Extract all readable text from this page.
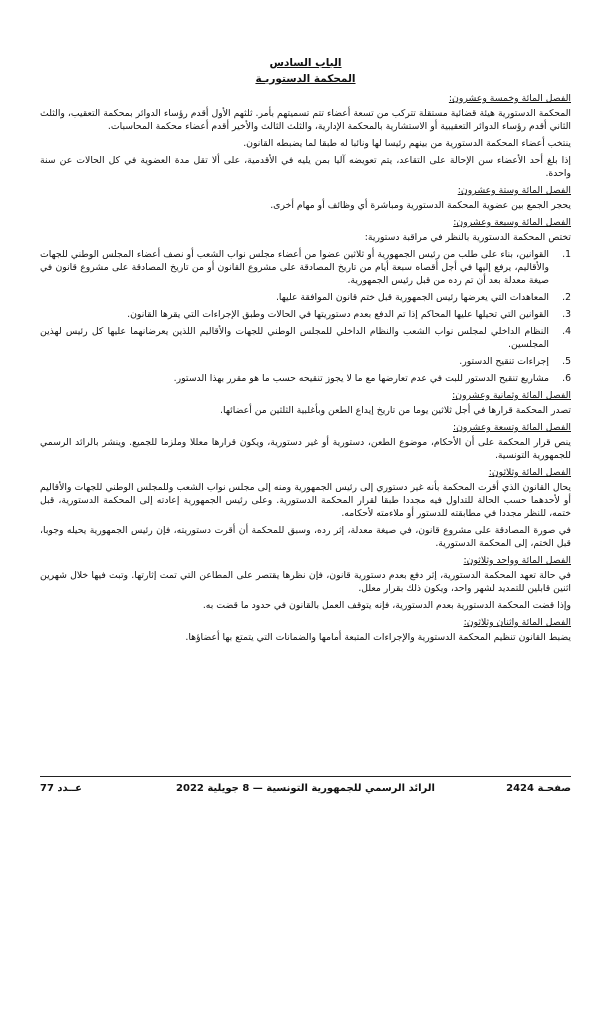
الباب السادس
المحكمة الدستوريـة
الفصل المائة وخمسة وعشرون:
المحكمة الدستورية هيئة قضائية مستقلة تتركب من تسعة أعضاء تتم تسميتهم بأمر. ثلثهم الأول أقدم رؤساء الدوائر بمحكمة التعقيب، والثلث الثاني أقدم رؤساء الدوائر التعقيبية أو الاستشارية بالمحكمة الإدارية، والثلث الثالث والأخير أقدم أعضاء محكمة المحاسبات.
ينتخب أعضاء المحكمة الدستورية من بينهم رئيسا لها ونائبا له طبقا لما يضبطه القانون.
إذا بلغ أحد الأعضاء سن الإحالة على التقاعد، يتم تعويضه آليا بمن يليه في الأقدمية، على ألا تقل مدة العضوية في كل الحالات عن سنة واحدة.
الفصل المائة وستة وعشرون:
يحجر الجمع بين عضوية المحكمة الدستورية ومباشرة أي وظائف أو مهام أخرى.
الفصل المائة وسبعة وعشرون:
تختص المحكمة الدستورية بالنظر في مراقبة دستورية:
1.
القوانين، بناء على طلب من رئيس الجمهورية أو ثلاثين عضوا من أعضاء مجلس نواب الشعب أو نصف أعضاء المجلس الوطني للجهات والأقاليم، يرفع إليها في أجل أقصاه سبعة أيام من تاريخ المصادقة على مشروع القانون أو من تاريخ المصادقة على مشروع قانون في صيغة معدلة بعد أن تم رده من قبل رئيس الجمهورية.
2.
المعاهدات التي يعرضها رئيس الجمهورية قبل ختم قانون الموافقة عليها.
3.
القوانين التي تحيلها عليها المحاكم إذا تم الدفع بعدم دستوريتها في الحالات وطبق الإجراءات التي يقرها القانون.
4.
النظام الداخلي لمجلس نواب الشعب والنظام الداخلي للمجلس الوطني للجهات والأقاليم اللذين يعرضانهما عليها كل رئيس لهذين المجلسين.
5.
إجراءات تنقيح الدستور.
6.
مشاريع تنقيح الدستور للبت في عدم تعارضها مع ما لا يجوز تنقيحه حسب ما هو مقرر بهذا الدستور.
الفصل المائة وثمانية وعشرون:
تصدر المحكمة قرارها في أجل ثلاثين يوما من تاريخ إيداع الطعن وبأغلبية الثلثين من أعضائها.
الفصل المائة وتسعة وعشرون:
ينص قرار المحكمة على أن الأحكام، موضوع الطعن، دستورية أو غير دستورية، ويكون قرارها معللا وملزما للجميع. وينشر بالرائد الرسمي للجمهورية التونسية.
الفصل المائة وثلاثون:
يحال القانون الذي أقرت المحكمة بأنه غير دستوري إلى رئيس الجمهورية ومنه إلى مجلس نواب الشعب وللمجلس الوطني للجهات والأقاليم أو لأحدهما حسب الحالة للتداول فيه مجددا طبقا لقرار المحكمة الدستورية. وعلى رئيس الجمهورية إعادته إلى المحكمة الدستورية، قبل ختمه، للنظر مجددا في مطابقته للدستور أو ملاءمته لأحكامه.
في صورة المصادقة على مشروع قانون، في صيغة معدلة، إثر رده، وسبق للمحكمة أن أقرت دستوريته، فإن رئيس الجمهورية يحيله وجوبا، قبل الختم، إلى المحكمة الدستورية.
الفصل المائة وواحد وثلاثون:
في حالة تعهد المحكمة الدستورية، إثر دفع بعدم دستورية قانون، فإن نظرها يقتصر على المطاعن التي تمت إثارتها. وتبت فيها خلال شهرين اثنين قابلين للتمديد لشهر واحد، ويكون ذلك بقرار معلل.
وإذا قضت المحكمة الدستورية بعدم الدستورية، فإنه يتوقف العمل بالقانون في حدود ما قضت به.
الفصل المائة واثنان وثلاثون:
يضبط القانون تنظيم المحكمة الدستورية والإجراءات المتبعة أمامها والضمانات التي يتمتع بها أعضاؤها.
صفحـة 2424
الرائد الرسمي للجمهورية التونسية — 8 جويلية 2022
عــدد 77
